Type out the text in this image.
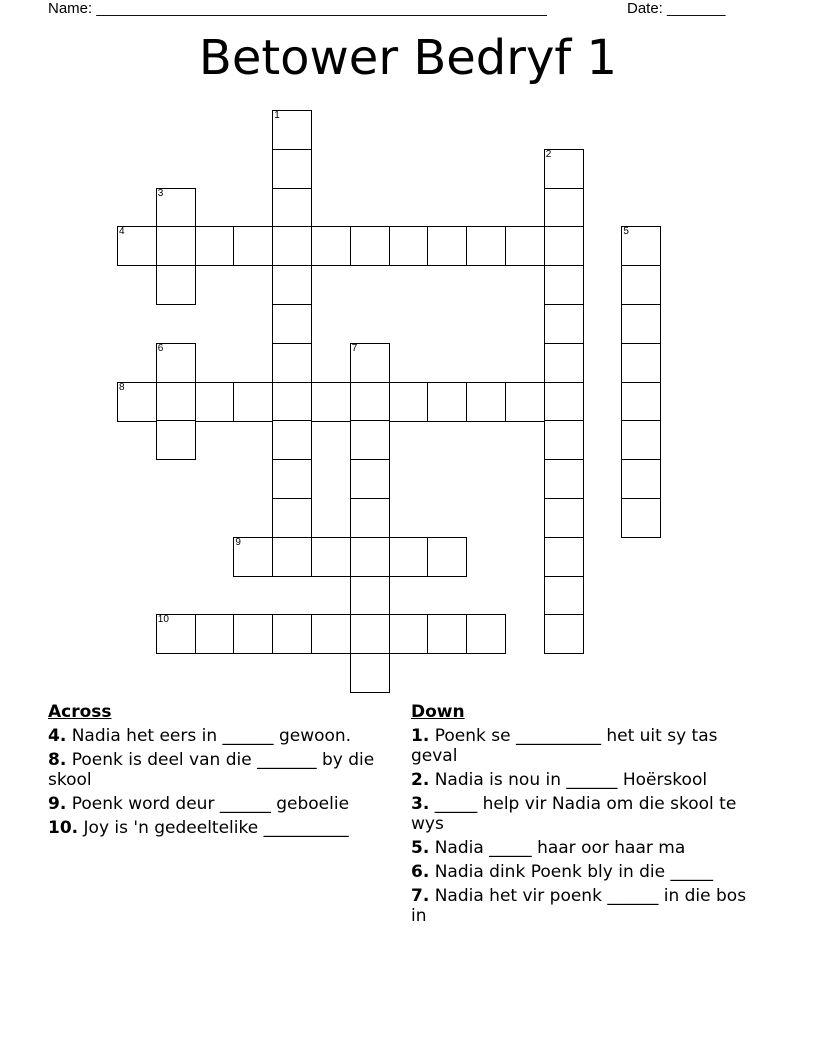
Name: ______________________________________________________	Date: _______
Betower Bedryf 1
1
2
3
4	5
6	7
8
9
10
Across
4. Nadia het eers in ______ gewoon.
8. Poenk is deel van die _______ by die skool
9. Poenk word deur ______ geboelie
10. Joy is 'n gedeeltelike __________
Down
1. Poenk se __________ het uit sy tas geval
2. Nadia is nou in ______ Hoërskool
3. _____ help vir Nadia om die skool te wys
5. Nadia _____ haar oor haar ma
6. Nadia dink Poenk bly in die _____
7. Nadia het vir poenk ______ in die bos in
